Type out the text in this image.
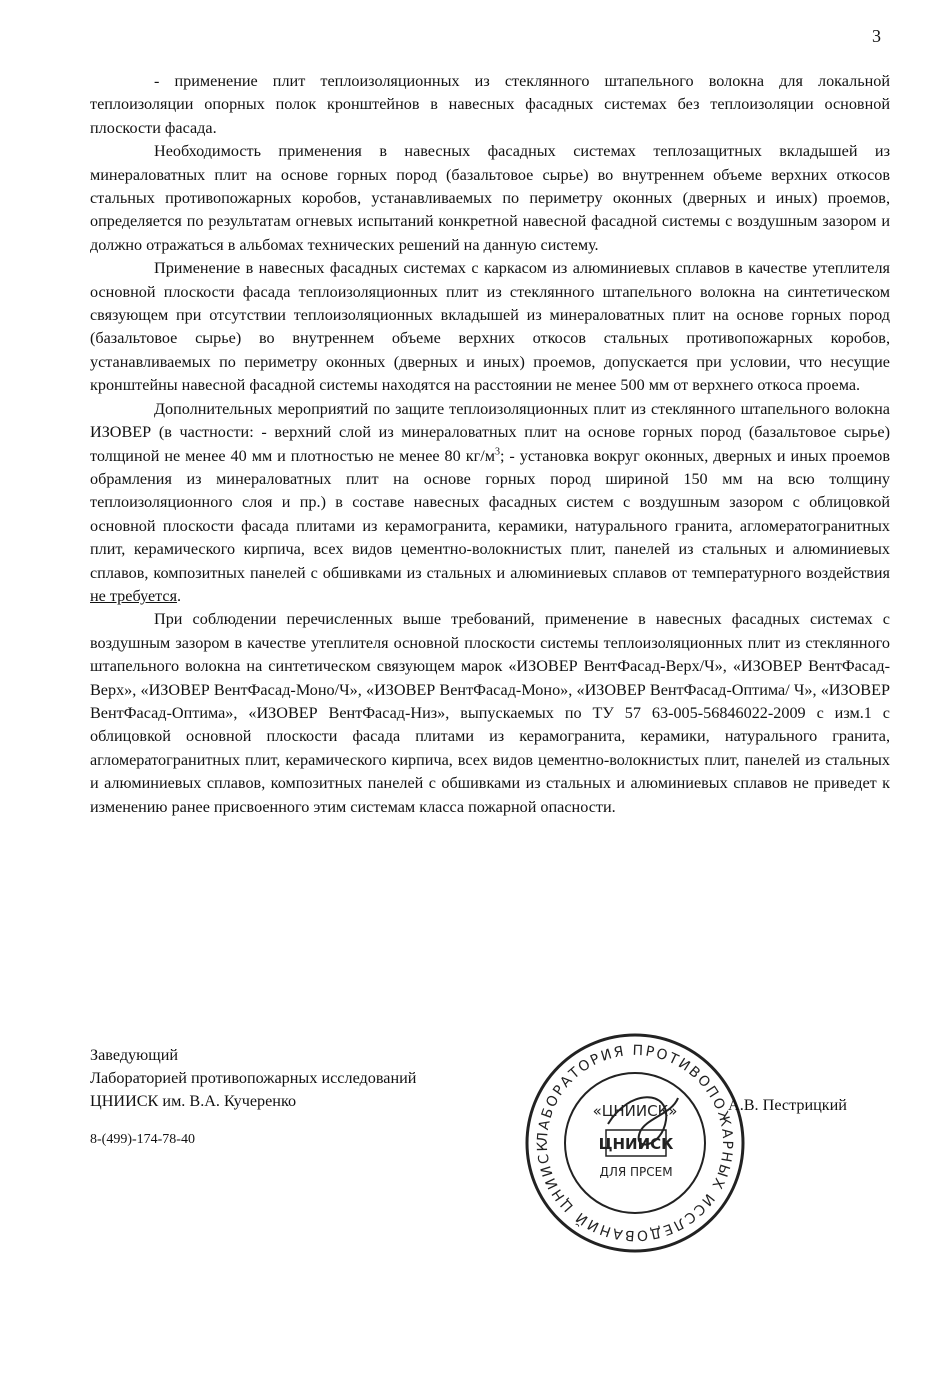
3

- применение плит теплоизоляционных из стеклянного штапельного волокна для локальной теплоизоляции опорных полок кронштейнов в навесных фасадных системах без теплоизоляции основной плоскости фасада.

Необходимость применения в навесных фасадных системах теплозащитных вкладышей из минераловатных плит на основе горных пород (базальтовое сырье) во внутреннем объеме верхних откосов стальных противопожарных коробов, устанавливаемых по периметру оконных (дверных и иных) проемов, определяется по результатам огневых испытаний конкретной навесной фасадной системы с воздушным зазором и должно отражаться в альбомах технических решений на данную систему.

Применение в навесных фасадных системах с каркасом из алюминиевых сплавов в качестве утеплителя основной плоскости фасада теплоизоляционных плит из стеклянного штапельного волокна на синтетическом связующем при отсутствии теплоизоляционных вкладышей из минераловатных плит на основе горных пород (базальтовое сырье) во внутреннем объеме верхних откосов стальных противопожарных коробов, устанавливаемых по периметру оконных (дверных и иных) проемов, допускается при условии, что несущие кронштейны навесной фасадной системы находятся на расстоянии не менее 500 мм от верхнего откоса проема.

Дополнительных мероприятий по защите теплоизоляционных плит из стеклянного штапельного волокна ИЗОВЕР (в частности: - верхний слой из минераловатных плит на основе горных пород (базальтовое сырье) толщиной не менее 40 мм и плотностью не менее 80 $кг/м^3$; - установка вокруг оконных, дверных и иных проемов обрамления из минераловатных плит на основе горных пород шириной 150 мм на всю толщину теплоизоляционного слоя и пр.) в составе навесных фасадных систем с воздушным зазором с облицовкой основной плоскости фасада плитами из керамогранита, керамики, натурального гранита, агломератогранитных плит, керамического кирпича, всех видов цементно-волокнистых плит, панелей из стальных и алюминиевых сплавов, композитных панелей с обшивками из стальных и алюминиевых сплавов от температурного воздействия не требуется.

При соблюдении перечисленных выше требований, применение в навесных фасадных системах с воздушным зазором в качестве утеплителя основной плоскости системы теплоизоляционных плит из стеклянного штапельного волокна на синтетическом связующем марок «ИЗОВЕР ВентФасад-Верх/Ч», «ИЗОВЕР ВентФасад-Верх», «ИЗОВЕР ВентФасад-Моно/Ч», «ИЗОВЕР ВентФасад-Моно», «ИЗОВЕР ВентФасад-Оптима/ Ч», «ИЗОВЕР ВентФасад-Оптима», «ИЗОВЕР ВентФасад-Низ», выпускаемых по ТУ 57 63-005-56846022-2009 с изм.1 с облицовкой основной плоскости фасада плитами из керамогранита, керамики, натурального гранита, агломератогранитных плит, керамического кирпича, всех видов цементно-волокнистых плит, панелей из стальных и алюминиевых сплавов, композитных панелей с обшивками из стальных и алюминиевых сплавов не приведет к изменению ранее присвоенного этим системам класса пожарной опасности.

Заведующий
Лабораторией противопожарных исследований
ЦНИИСК им. В.А. Кучеренко
8-(499)-174-78-40	ЛАБОРАТОРИЯ ПРОТИВОПОЖАРНЫХ ИССЛЕДОВАНИЙ ЦНИИСК
«ЦНИИСК»
ЦНИИСК
ДЛЯ ПРСЕМ
А.В. Пестрицкий
